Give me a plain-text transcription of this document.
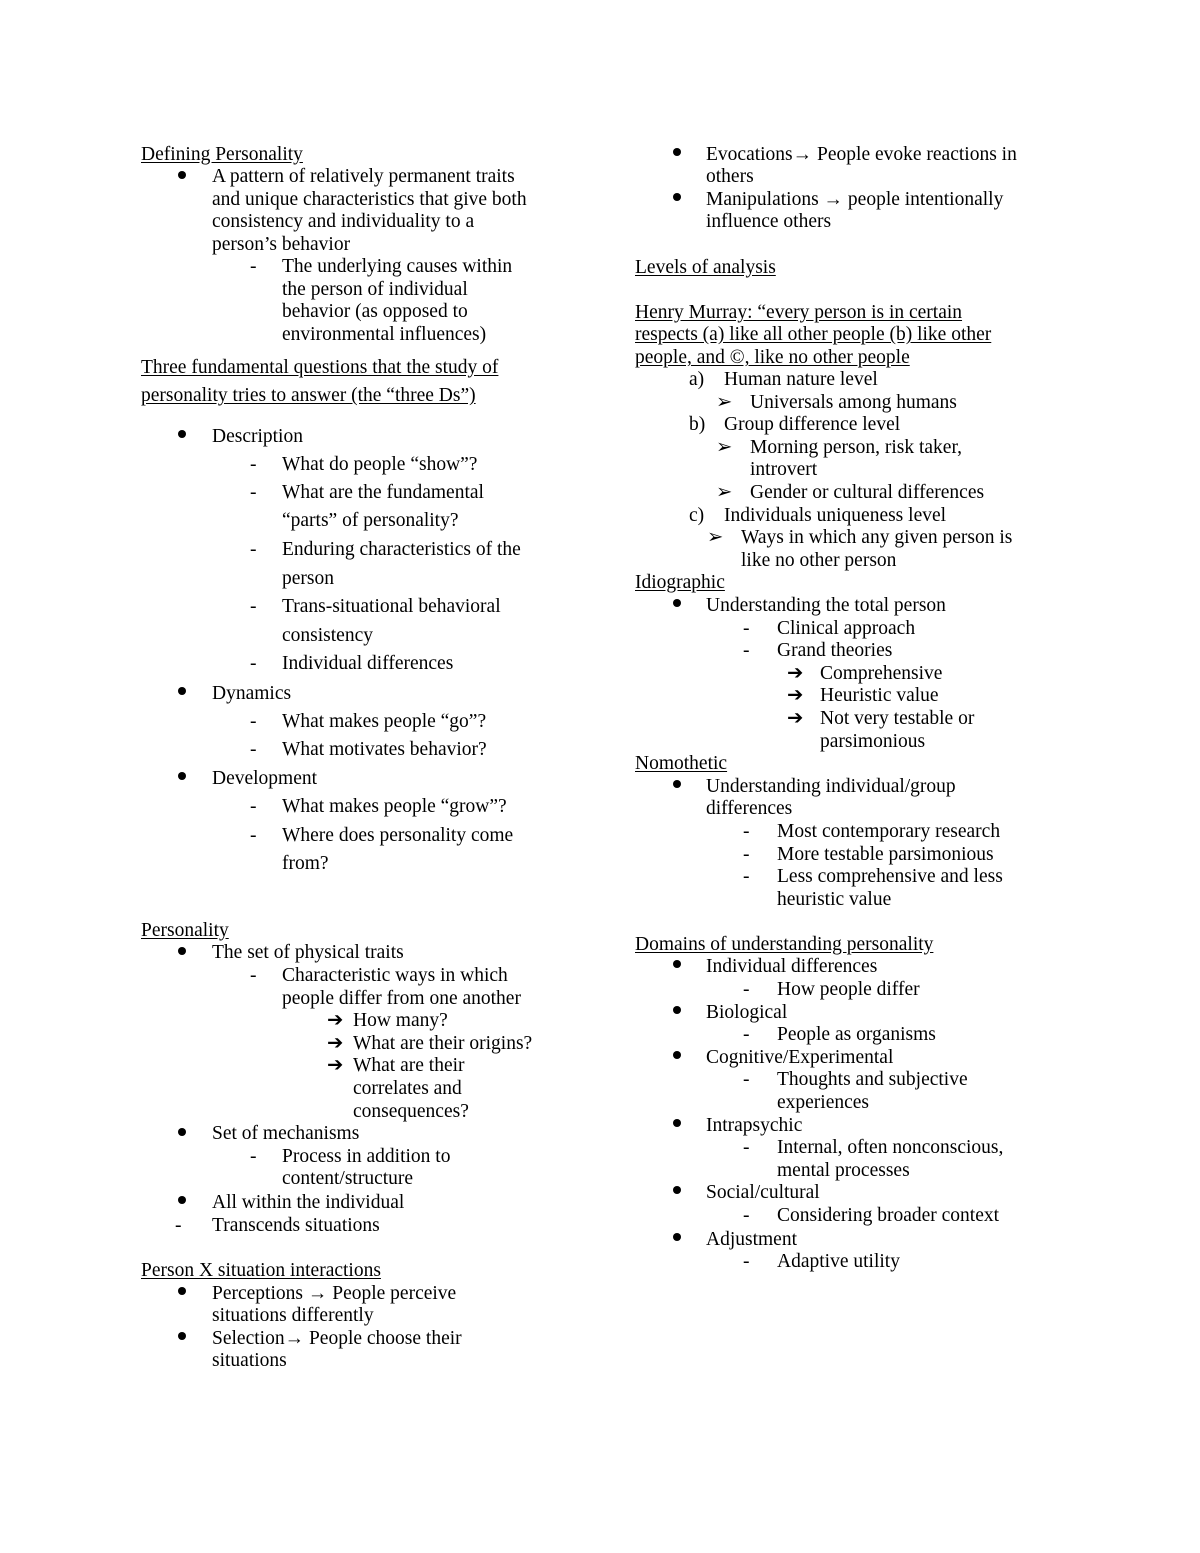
Defining Personality
A pattern of relatively permanent traits
and unique characteristics that give both
consistency and individuality to a
person’s behavior
- The underlying causes within
the person of individual
behavior (as opposed to
environmental influences)
Three fundamental questions that the study of
personality tries to answer (the “three Ds”)
Description
- What do people “show”?
- What are the fundamental
“parts” of personality?
- Enduring characteristics of the
person
- Trans-situational behavioral
consistency
- Individual differences
Dynamics
- What makes people “go”?
- What motivates behavior?
Development
- What makes people “grow”?
- Where does personality come
from?
Personality
The set of physical traits
- Characteristic ways in which
people differ from one another
➔ How many?
➔ What are their origins?
➔ What are their
correlates and
consequences?
Set of mechanisms
- Process in addition to
content/structure
All within the individual
- Transcends situations
Person X situation interactions
Perceptions → People perceive
situations differently
Selection→ People choose their
situations
Evocations→ People evoke reactions in
others
Manipulations → people intentionally
influence others
Levels of analysis
Henry Murray: “every person is in certain
respects (a) like all other people (b) like other
people, and ©, like no other people
a) Human nature level
➢ Universals among humans
b) Group difference level
➢ Morning person, risk taker,
introvert
➢ Gender or cultural differences
c) Individuals uniqueness level
➢ Ways in which any given person is
like no other person
Idiographic
Understanding the total person
- Clinical approach
- Grand theories
➔ Comprehensive
➔ Heuristic value
➔ Not very testable or
parsimonious
Nomothetic
Understanding individual/group
differences
- Most contemporary research
- More testable parsimonious
- Less comprehensive and less
heuristic value
Domains of understanding personality
Individual differences
- How people differ
Biological
- People as organisms
Cognitive/Experimental
- Thoughts and subjective
experiences
Intrapsychic
- Internal, often nonconscious,
mental processes
Social/cultural
- Considering broader context
Adjustment
- Adaptive utility
